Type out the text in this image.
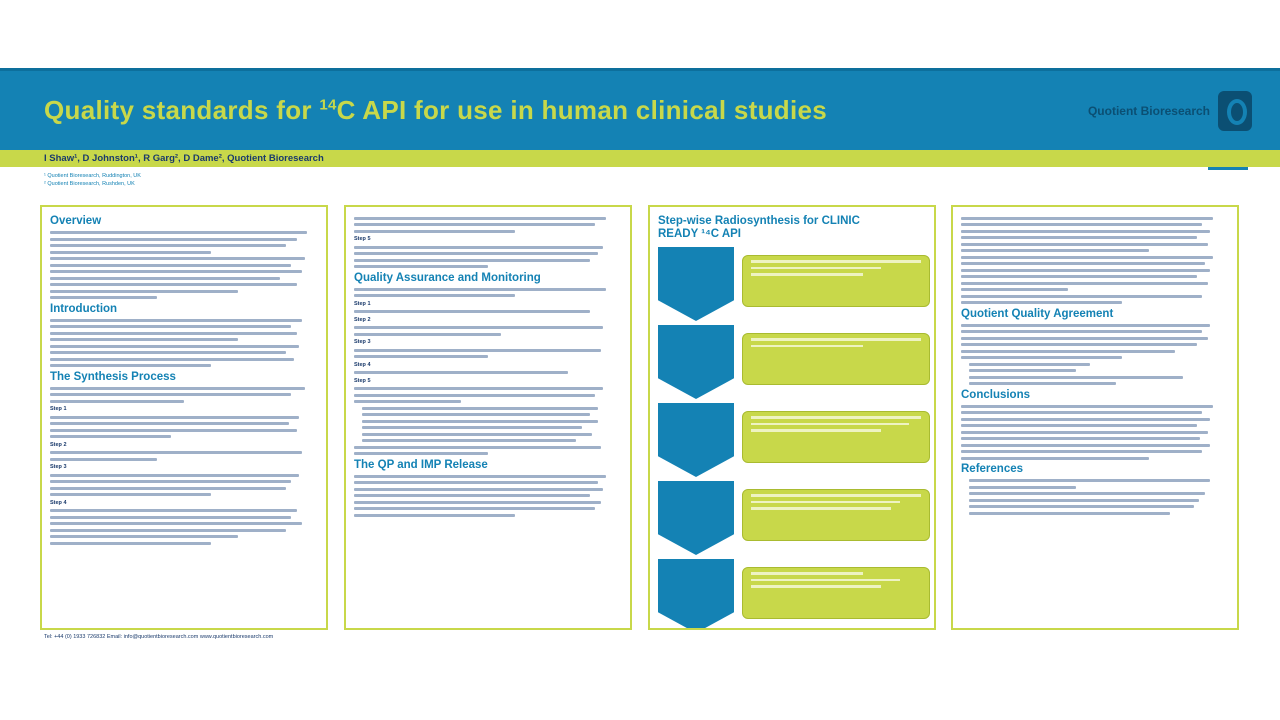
Quality standards for $^{14}$C API for use in human clinical studies	Quotient Bioresearch
I Shaw¹, D Johnston¹, R Garg², D Dame², Quotient Bioresearch
¹ Quotient Bioresearch, Ruddington, UK
² Quotient Bioresearch, Rushden, UK
Overview
Introduction
The Synthesis Process
Step 1
Step 2
Step 3
Step 4
Step 5
Quality Assurance and Monitoring
Step 1
Step 2
Step 3
Step 4
Step 5
The QP and IMP Release
Step-wise Radiosynthesis for CLINIC READY ¹⁴C API
Quotient Quality Agreement
Conclusions
References
Tel: +44 (0) 1933 726832 Email: info@quotientbioresearch.com www.quotientbioresearch.com
